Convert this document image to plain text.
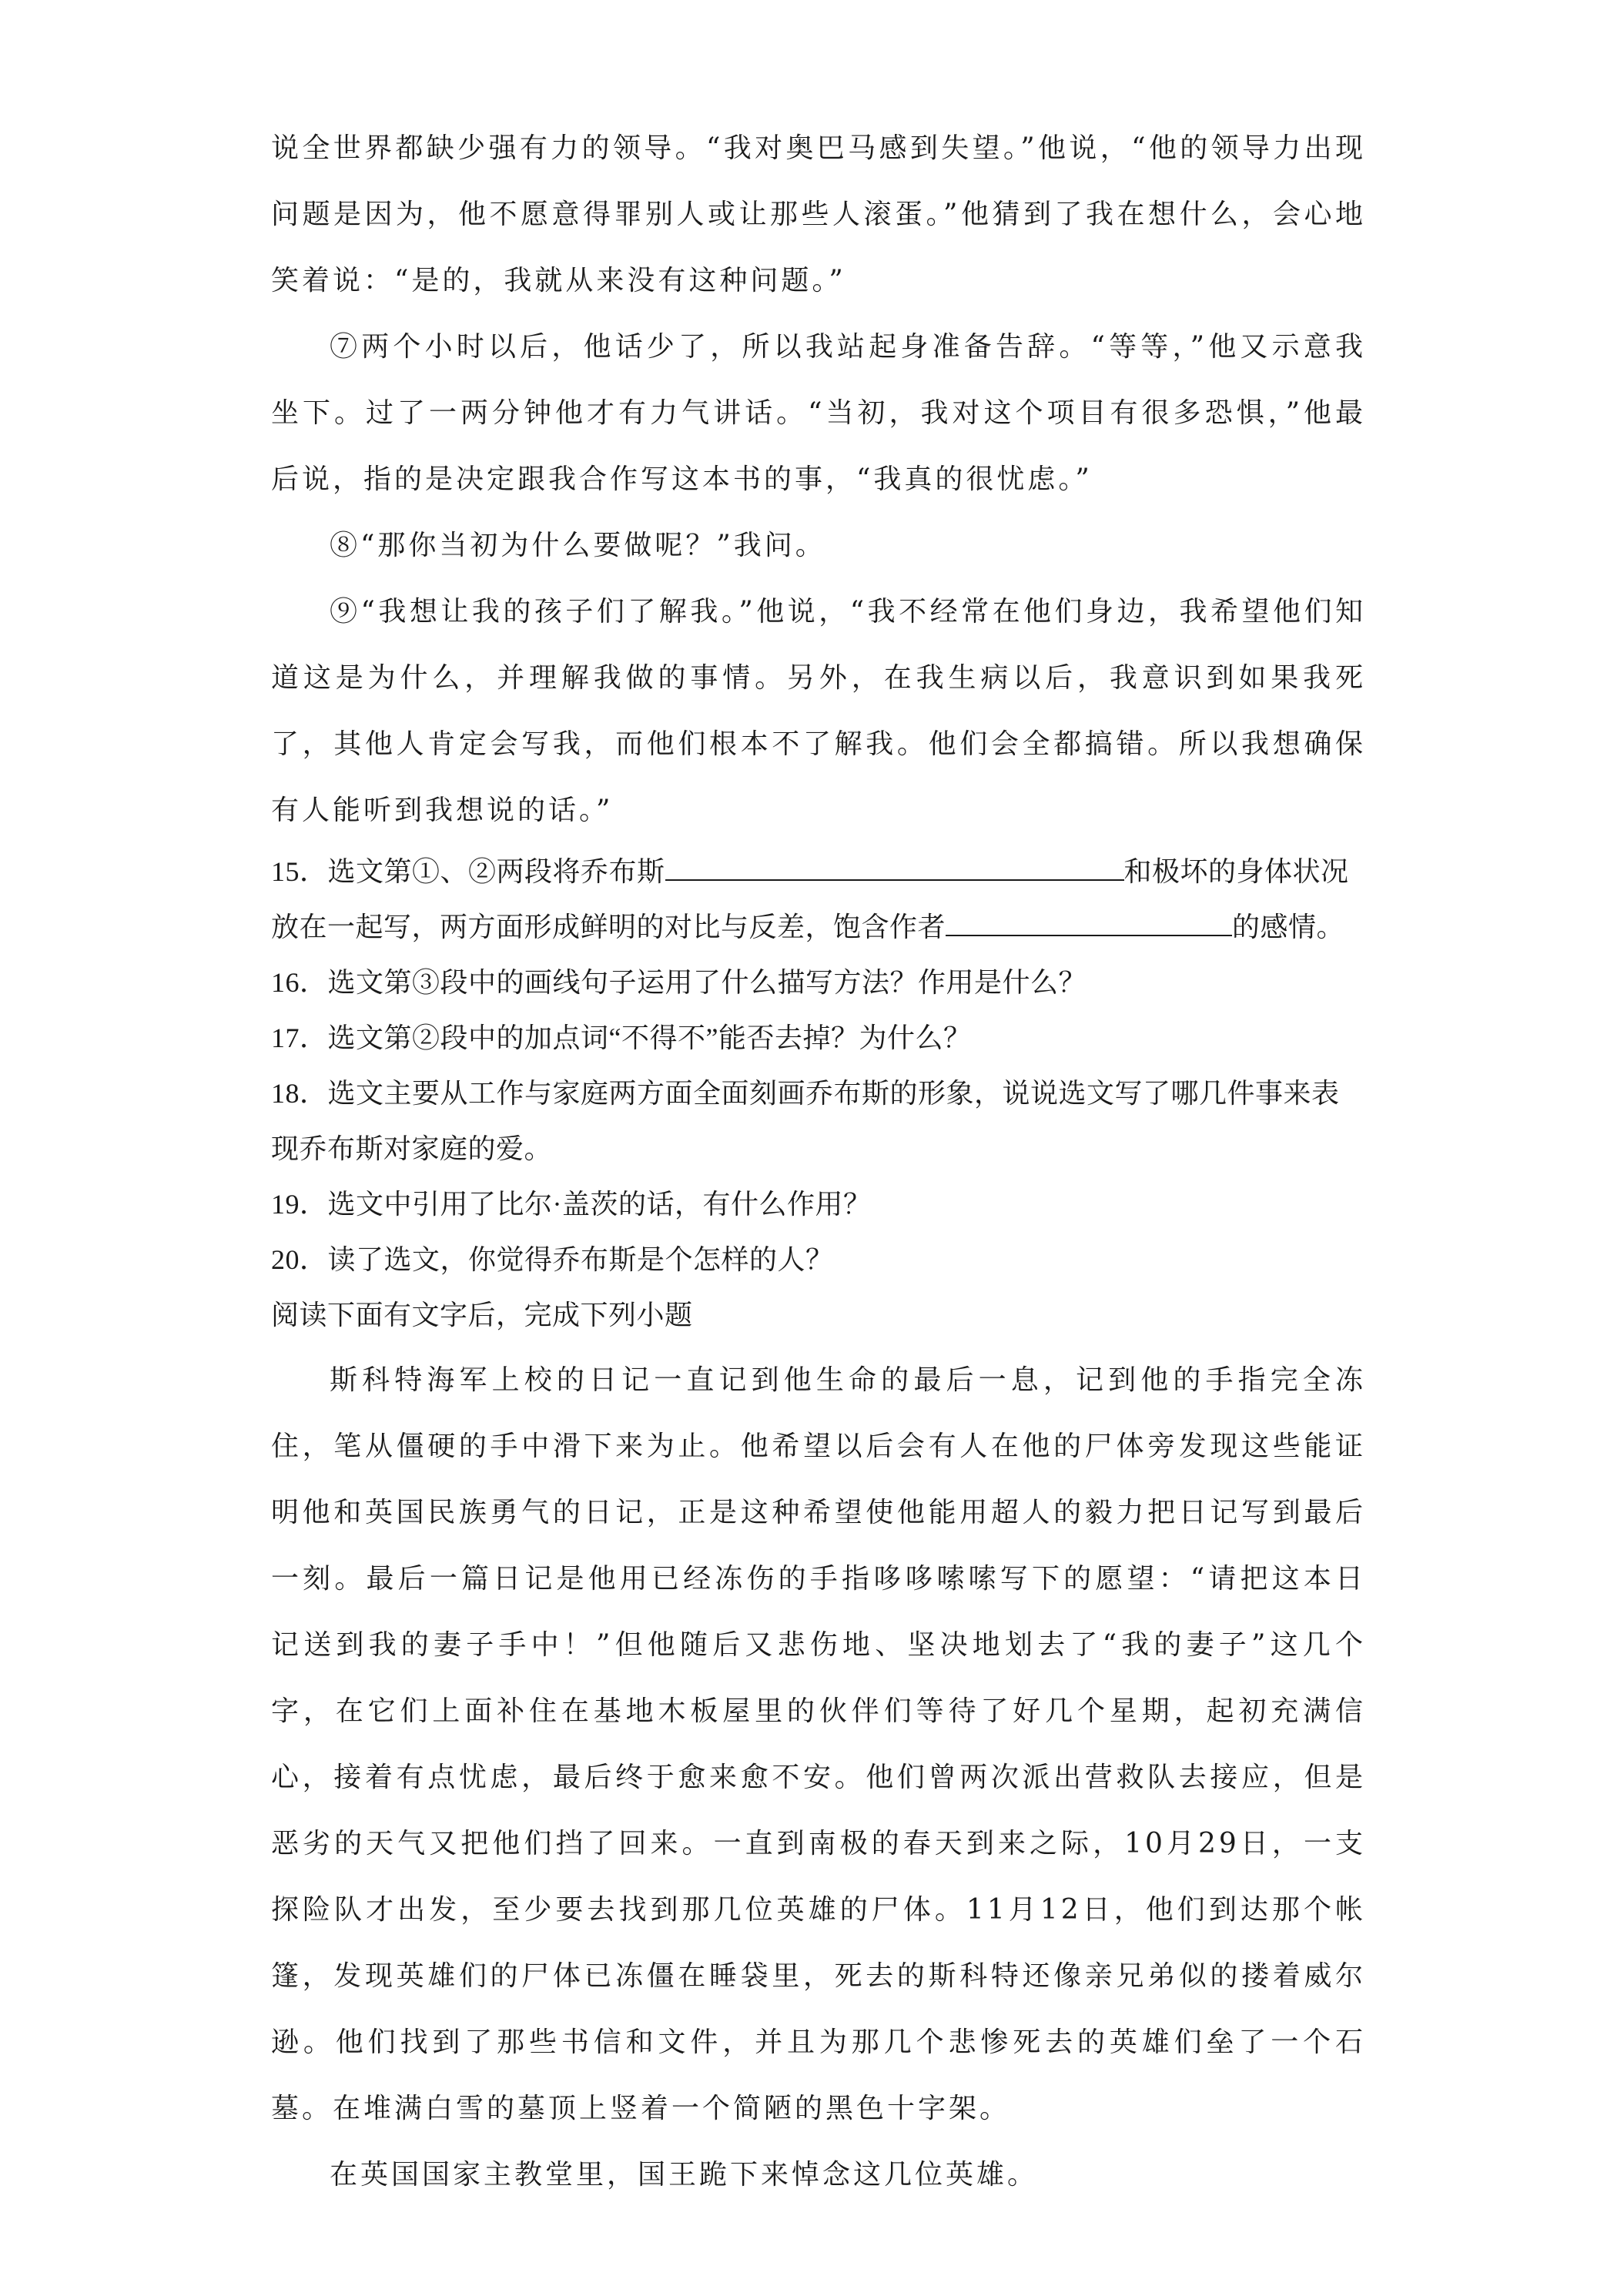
说全世界都缺少强有力的领导。“我对奥巴马感到失望。”他说，“他的领导力出现问题是因为，他不愿意得罪别人或让那些人滚蛋。”他猜到了我在想什么，会心地笑着说：“是的，我就从来没有这种问题。”

⑦两个小时以后，他话少了，所以我站起身准备告辞。“等等，”他又示意我坐下。过了一两分钟他才有力气讲话。“当初，我对这个项目有很多恐惧，”他最后说，指的是决定跟我合作写这本书的事，“我真的很忧虑。”

⑧“那你当初为什么要做呢？”我问。

⑨“我想让我的孩子们了解我。”他说，“我不经常在他们身边，我希望他们知道这是为什么，并理解我做的事情。另外，在我生病以后，我意识到如果我死了，其他人肯定会写我，而他们根本不了解我。他们会全都搞错。所以我想确保有人能听到我想说的话。”

15．选文第①、②两段将乔布斯	和极坏的身体状况放在一起写，两方面形成鲜明的对比与反差，饱含作者	的感情。

16．选文第③段中的画线句子运用了什么描写方法？作用是什么？

17．选文第②段中的加点词“不得不”能否去掉？为什么？

18．选文主要从工作与家庭两方面全面刻画乔布斯的形象，说说选文写了哪几件事来表现乔布斯对家庭的爱。

19．选文中引用了比尔·盖茨的话，有什么作用？

20．读了选文，你觉得乔布斯是个怎样的人？

阅读下面有文字后，完成下列小题

斯科特海军上校的日记一直记到他生命的最后一息，记到他的手指完全冻住，笔从僵硬的手中滑下来为止。他希望以后会有人在他的尸体旁发现这些能证明他和英国民族勇气的日记，正是这种希望使他能用超人的毅力把日记写到最后一刻。最后一篇日记是他用已经冻伤的手指哆哆嗦嗦写下的愿望：“请把这本日记送到我的妻子手中！”但他随后又悲伤地、坚决地划去了“我的妻子”这几个字，在它们上面补住在基地木板屋里的伙伴们等待了好几个星期，起初充满信心，接着有点忧虑，最后终于愈来愈不安。他们曾两次派出营救队去接应，但是恶劣的天气又把他们挡了回来。一直到南极的春天到来之际，10月29日，一支探险队才出发，至少要去找到那几位英雄的尸体。11月12日，他们到达那个帐篷，发现英雄们的尸体已冻僵在睡袋里，死去的斯科特还像亲兄弟似的搂着威尔逊。他们找到了那些书信和文件，并且为那几个悲惨死去的英雄们垒了一个石墓。在堆满白雪的墓顶上竖着一个简陋的黑色十字架。

在英国国家主教堂里，国王跪下来悼念这几位英雄。
